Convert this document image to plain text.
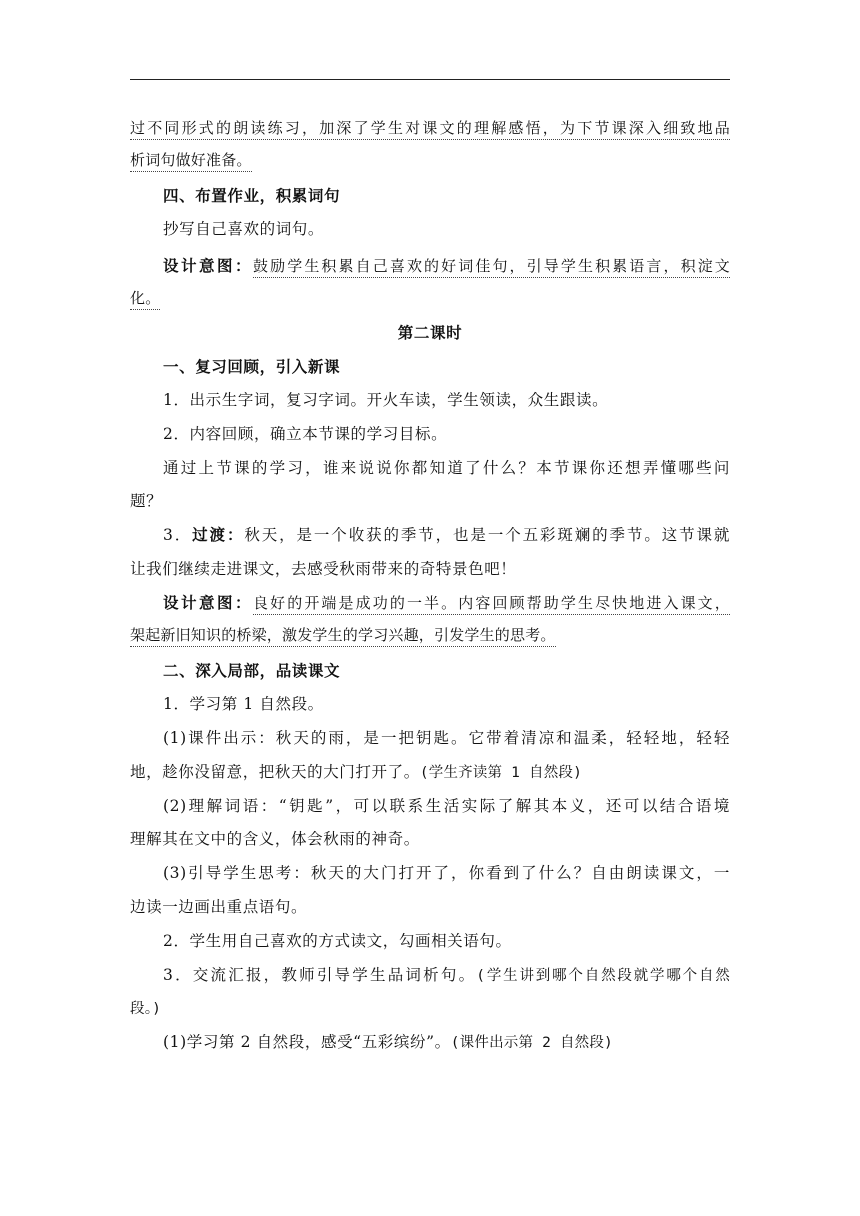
过不同形式的朗读练习，加深了学生对课文的理解感悟，为下节课深入细致地品
析词句做好准备。
四、布置作业，积累词句
抄写自己喜欢的词句。
设计意图：鼓励学生积累自己喜欢的好词佳句，引导学生积累语言，积淀文
化。
第二课时
一、复习回顾，引入新课
1．出示生字词，复习字词。开火车读，学生领读，众生跟读。
2．内容回顾，确立本节课的学习目标。
通过上节课的学习，谁来说说你都知道了什么？本节课你还想弄懂哪些问
题？
3．过渡：秋天，是一个收获的季节，也是一个五彩斑斓的季节。这节课就
让我们继续走进课文，去感受秋雨带来的奇特景色吧！
设计意图：良好的开端是成功的一半。内容回顾帮助学生尽快地进入课文，
架起新旧知识的桥梁，激发学生的学习兴趣，引发学生的思考。
二、深入局部，品读课文
1．学习第 1 自然段。
(1)课件出示：秋天的雨，是一把钥匙。它带着清凉和温柔，轻轻地，轻轻
地，趁你没留意，把秋天的大门打开了。(学生齐读第 1 自然段)
(2)理解词语：“钥匙”，可以联系生活实际了解其本义，还可以结合语境
理解其在文中的含义，体会秋雨的神奇。
(3)引导学生思考：秋天的大门打开了，你看到了什么？自由朗读课文，一
边读一边画出重点语句。
2．学生用自己喜欢的方式读文，勾画相关语句。
3．交流汇报，教师引导学生品词析句。(学生讲到哪个自然段就学哪个自然
段。)
(1)学习第 2 自然段，感受“五彩缤纷”。(课件出示第 2 自然段)
